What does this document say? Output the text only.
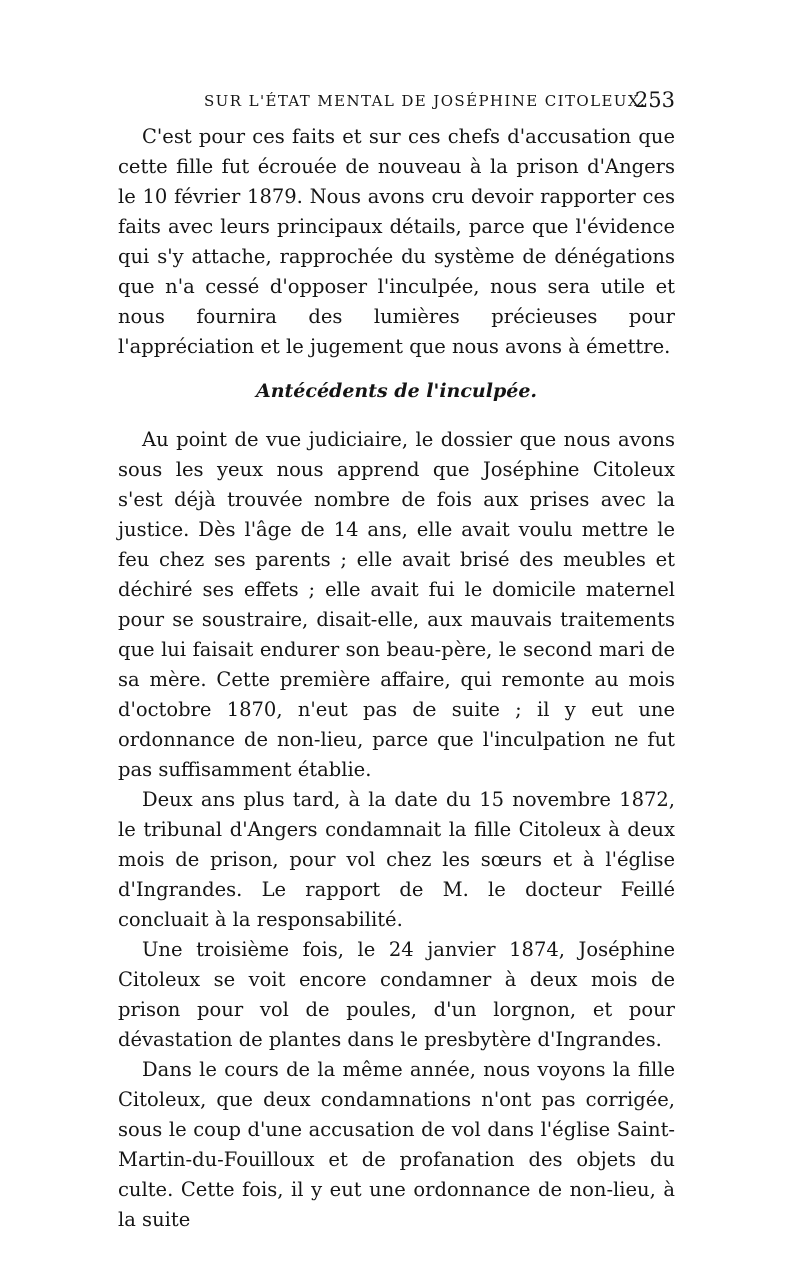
SUR L'ÉTAT MENTAL DE JOSÉPHINE CITOLEUX.
253

C'est pour ces faits et sur ces chefs d'accusation que cette fille fut écrouée de nouveau à la prison d'Angers le 10 février 1879. Nous avons cru devoir rapporter ces faits avec leurs principaux détails, parce que l'évidence qui s'y attache, rapprochée du système de dénégations que n'a cessé d'opposer l'inculpée, nous sera utile et nous fournira des lumières précieuses pour l'appréciation et le jugement que nous avons à émettre.

Antécédents de l'inculpée.

Au point de vue judiciaire, le dossier que nous avons sous les yeux nous apprend que Joséphine Citoleux s'est déjà trouvée nombre de fois aux prises avec la justice. Dès l'âge de 14 ans, elle avait voulu mettre le feu chez ses parents ; elle avait brisé des meubles et déchiré ses effets ; elle avait fui le domicile maternel pour se soustraire, disait-elle, aux mauvais traitements que lui faisait endurer son beau-père, le second mari de sa mère. Cette première affaire, qui remonte au mois d'octobre 1870, n'eut pas de suite ; il y eut une ordonnance de non-lieu, parce que l'inculpation ne fut pas suffisamment établie.

Deux ans plus tard, à la date du 15 novembre 1872, le tribunal d'Angers condamnait la fille Citoleux à deux mois de prison, pour vol chez les sœurs et à l'église d'Ingrandes. Le rapport de M. le docteur Feillé concluait à la responsabilité.

Une troisième fois, le 24 janvier 1874, Joséphine Citoleux se voit encore condamner à deux mois de prison pour vol de poules, d'un lorgnon, et pour dévastation de plantes dans le presbytère d'Ingrandes.

Dans le cours de la même année, nous voyons la fille Citoleux, que deux condamnations n'ont pas corrigée, sous le coup d'une accusation de vol dans l'église Saint-Martin-du-Fouilloux et de profanation des objets du culte. Cette fois, il y eut une ordonnance de non-lieu, à la suite
